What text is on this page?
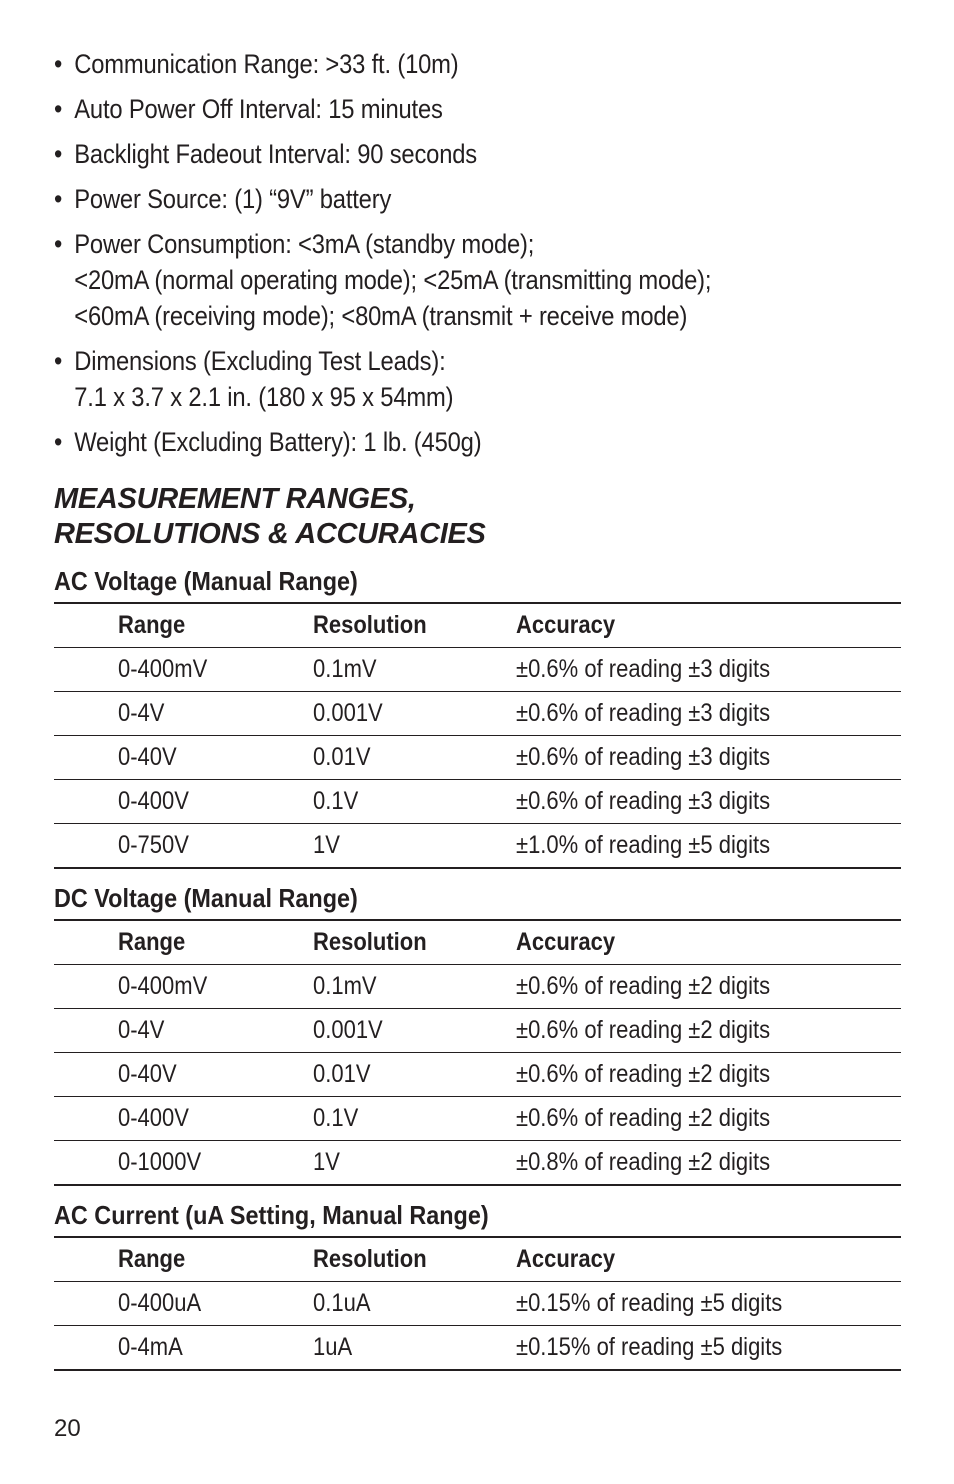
• Communication Range: >33 ft. (10m)
• Auto Power Off Interval: 15 minutes
• Backlight Fadeout Interval: 90 seconds
• Power Source: (1) “9V” battery
• Power Consumption: <3mA (standby mode);
<20mA (normal operating mode); <25mA (transmitting mode);
<60mA (receiving mode); <80mA (transmit + receive mode)
• Dimensions (Excluding Test Leads):
7.1 x 3.7 x 2.1 in. (180 x 95 x 54mm)
• Weight (Excluding Battery): 1 lb. (450g)
MEASUREMENT RANGES,
RESOLUTIONS & ACCURACIES
AC Voltage (Manual Range)
	Range	Resolution	Accuracy
	0-400mV	0.1mV	±0.6% of reading ±3 digits
	0-4V	0.001V	±0.6% of reading ±3 digits
	0-40V	0.01V	±0.6% of reading ±3 digits
	0-400V	0.1V	±0.6% of reading ±3 digits
	0-750V	1V	±1.0% of reading ±5 digits
DC Voltage (Manual Range)
	Range	Resolution	Accuracy
	0-400mV	0.1mV	±0.6% of reading ±2 digits
	0-4V	0.001V	±0.6% of reading ±2 digits
	0-40V	0.01V	±0.6% of reading ±2 digits
	0-400V	0.1V	±0.6% of reading ±2 digits
	0-1000V	1V	±0.8% of reading ±2 digits
AC Current (uA Setting, Manual Range)
	Range	Resolution	Accuracy
	0-400uA	0.1uA	±0.15% of reading ±5 digits
	0-4mA	1uA	±0.15% of reading ±5 digits
20
